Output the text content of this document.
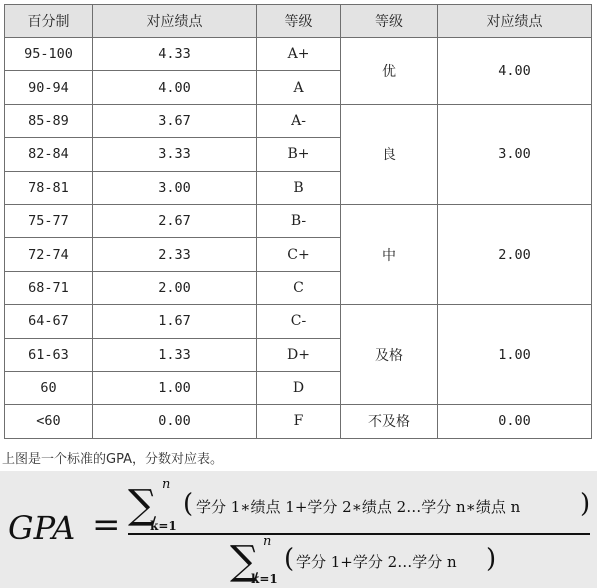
百分制	对应绩点	等级	等级	对应绩点
95-100	4.33	A+	优	4.00
90-94	4.00	A		
85-89	3.67	A-	良	3.00
82-84	3.33	B+		
78-81	3.00	B		
75-77	2.67	B-	中	2.00
72-74	2.33	C+		
68-71	2.00	C		
64-67	1.67	C-	及格	1.00
61-63	1.33	D+		
60	1.00	D		
<60	0.00	F	不及格	0.00
上图是一个标准的GPA，分数对应表。
GPA = ∑ n
k=1
( 学分 1∗绩点 1+学分 2∗绩点 2…学分 n∗绩点 n )
∑ n
k=1
( 学分 1+学分 2…学分 n )
